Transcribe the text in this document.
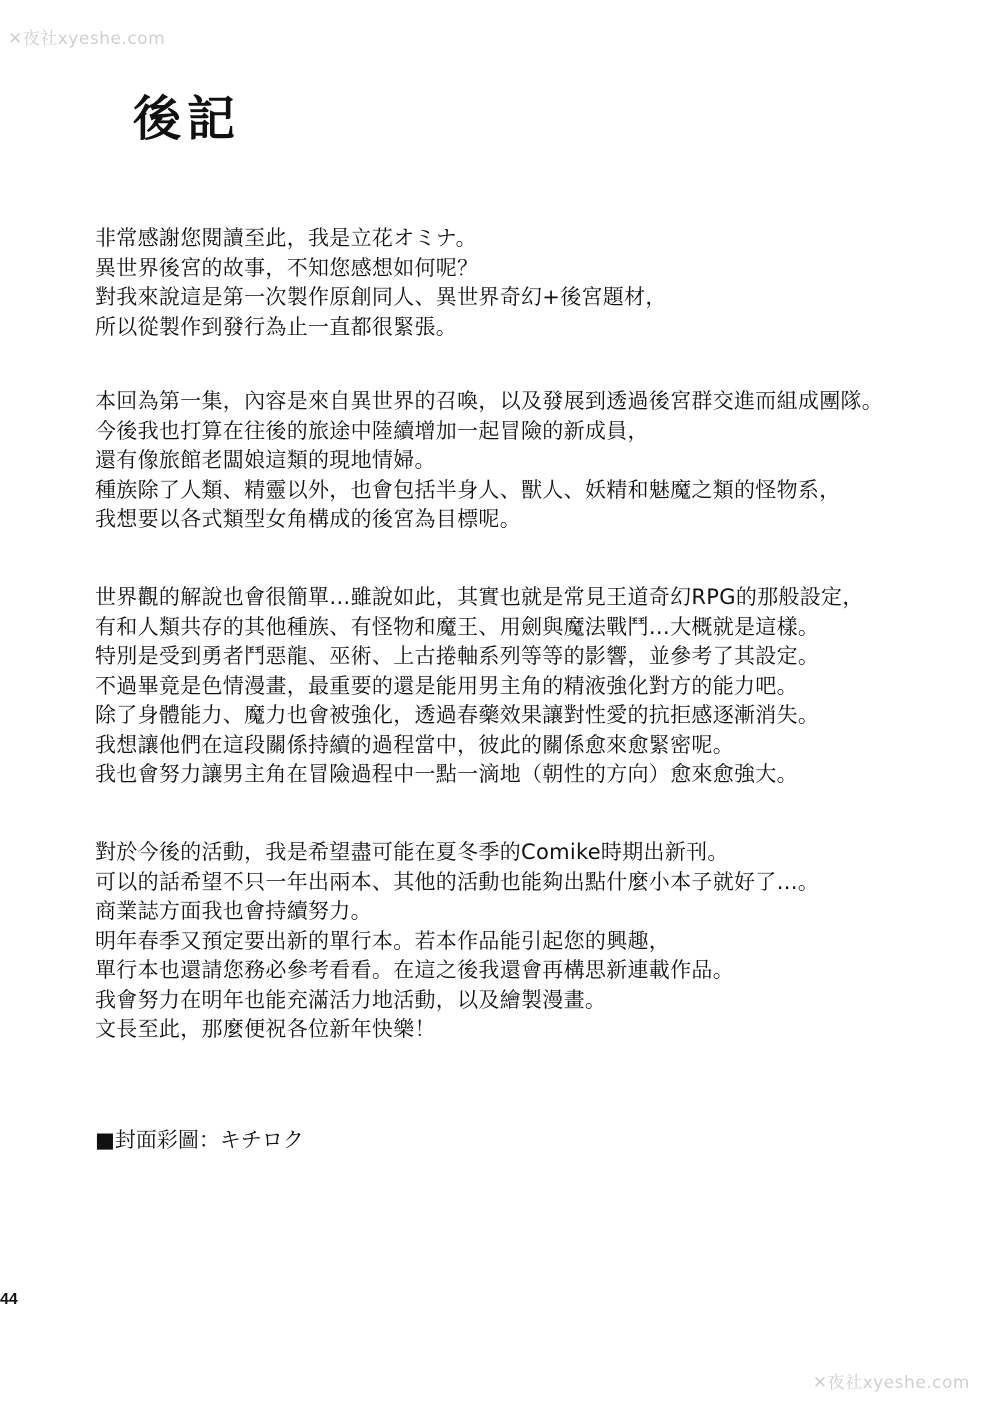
✕夜社xyeshe.com
後記
非常感謝您閱讀至此，我是立花オミナ。
異世界後宮的故事，不知您感想如何呢？
對我來說這是第一次製作原創同人、異世界奇幻+後宮題材，
所以從製作到發行為止一直都很緊張。
本回為第一集，內容是來自異世界的召喚，以及發展到透過後宮群交進而組成團隊。
今後我也打算在往後的旅途中陸續增加一起冒險的新成員，
還有像旅館老闆娘這類的現地情婦。
種族除了人類、精靈以外，也會包括半身人、獸人、妖精和魅魔之類的怪物系，
我想要以各式類型女角構成的後宮為目標呢。
世界觀的解說也會很簡單…雖說如此，其實也就是常見王道奇幻RPG的那般設定，
有和人類共存的其他種族、有怪物和魔王、用劍與魔法戰鬥…大概就是這樣。
特別是受到勇者鬥惡龍、巫術、上古捲軸系列等等的影響，並參考了其設定。
不過畢竟是色情漫畫，最重要的還是能用男主角的精液強化對方的能力吧。
除了身體能力、魔力也會被強化，透過春藥效果讓對性愛的抗拒感逐漸消失。
我想讓他們在這段關係持續的過程當中，彼此的關係愈來愈緊密呢。
我也會努力讓男主角在冒險過程中一點一滴地（朝性的方向）愈來愈強大。
對於今後的活動，我是希望盡可能在夏冬季的Comike時期出新刊。
可以的話希望不只一年出兩本、其他的活動也能夠出點什麼小本子就好了…。
商業誌方面我也會持續努力。
明年春季又預定要出新的單行本。若本作品能引起您的興趣，
單行本也還請您務必參考看看。在這之後我還會再構思新連載作品。
我會努力在明年也能充滿活力地活動，以及繪製漫畫。
文長至此，那麼便祝各位新年快樂！
■封面彩圖：キチロク
44
✕夜社xyeshe.com
